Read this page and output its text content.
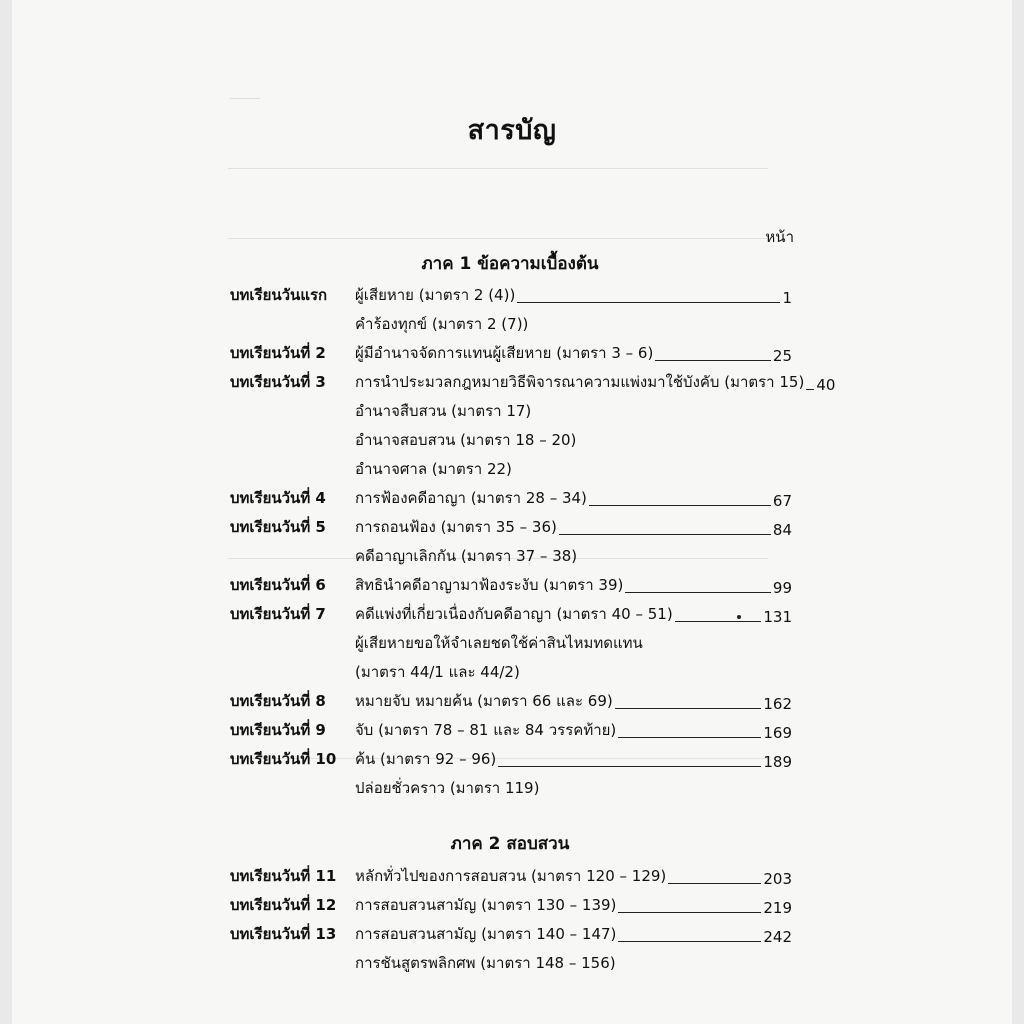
สารบัญ
หน้า
ภาค 1 ข้อความเบื้องต้น
บทเรียนวันแรก	ผู้เสียหาย (มาตรา 2 (4))	1
คำร้องทุกข์ (มาตรา 2 (7))
บทเรียนวันที่ 2	ผู้มีอำนาจจัดการแทนผู้เสียหาย (มาตรา 3 – 6)	25
บทเรียนวันที่ 3	การนำประมวลกฎหมายวิธีพิจารณาความแพ่งมาใช้บังคับ (มาตรา 15) 40
อำนาจสืบสวน (มาตรา 17)
อำนาจสอบสวน (มาตรา 18 – 20)
อำนาจศาล (มาตรา 22)
บทเรียนวันที่ 4	การฟ้องคดีอาญา (มาตรา 28 – 34)	67
บทเรียนวันที่ 5	การถอนฟ้อง (มาตรา 35 – 36)	84
คดีอาญาเลิกกัน (มาตรา 37 – 38)
บทเรียนวันที่ 6	สิทธินำคดีอาญามาฟ้องระงับ (มาตรา 39)	99
บทเรียนวันที่ 7	คดีแพ่งที่เกี่ยวเนื่องกับคดีอาญา (มาตรา 40 – 51)	131
ผู้เสียหายขอให้จำเลยชดใช้ค่าสินไหมทดแทน
(มาตรา 44/1 และ 44/2)
บทเรียนวันที่ 8	หมายจับ หมายค้น (มาตรา 66 และ 69)	162
บทเรียนวันที่ 9	จับ (มาตรา 78 – 81 และ 84 วรรคท้าย)	169
บทเรียนวันที่ 10	ค้น (มาตรา 92 – 96)	189
ปล่อยชั่วคราว (มาตรา 119)
ภาค 2 สอบสวน
บทเรียนวันที่ 11	หลักทั่วไปของการสอบสวน (มาตรา 120 – 129)	203
บทเรียนวันที่ 12	การสอบสวนสามัญ (มาตรา 130 – 139)	219
บทเรียนวันที่ 13	การสอบสวนสามัญ (มาตรา 140 – 147)	242
การชันสูตรพลิกศพ (มาตรา 148 – 156)
